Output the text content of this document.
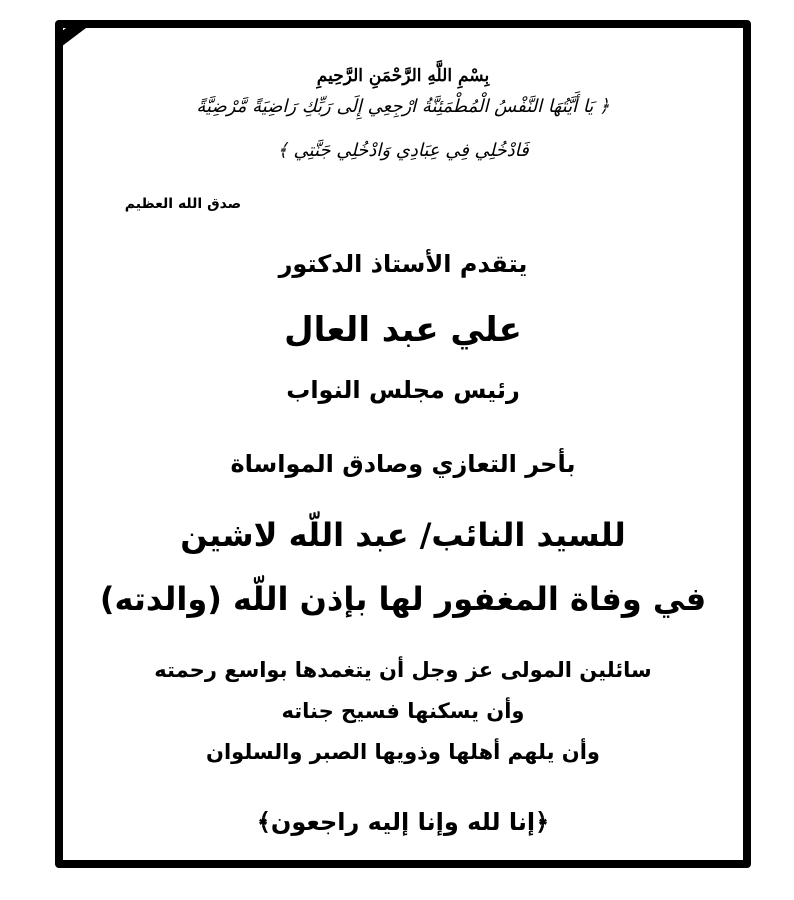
بِسْمِ اللَّهِ الرَّحْمَنِ الرَّحِيمِ
﴿ يَا أَيَّتُهَا النَّفْسُ الْمُطْمَئِنَّةُ ارْجِعِي إِلَى رَبِّكِ رَاضِيَةً مَّرْضِيَّةً
فَادْخُلِي فِي عِبَادِي وَادْخُلِي جَنَّتِي ﴾
صدق الله العظيم
يتقدم الأستاذ الدكتور
علي عبد العال
رئيس مجلس النواب
بأحر التعازي وصادق المواساة
للسيد النائب/ عبد اللّه لاشين
في وفاة المغفور لها بإذن اللّه (والدته)
سائلين المولى عز وجل أن يتغمدها بواسع رحمته
وأن يسكنها فسيح جناته
وأن يلهم أهلها وذويها الصبر والسلوان
﴿إنا لله وإنا إليه راجعون﴾
